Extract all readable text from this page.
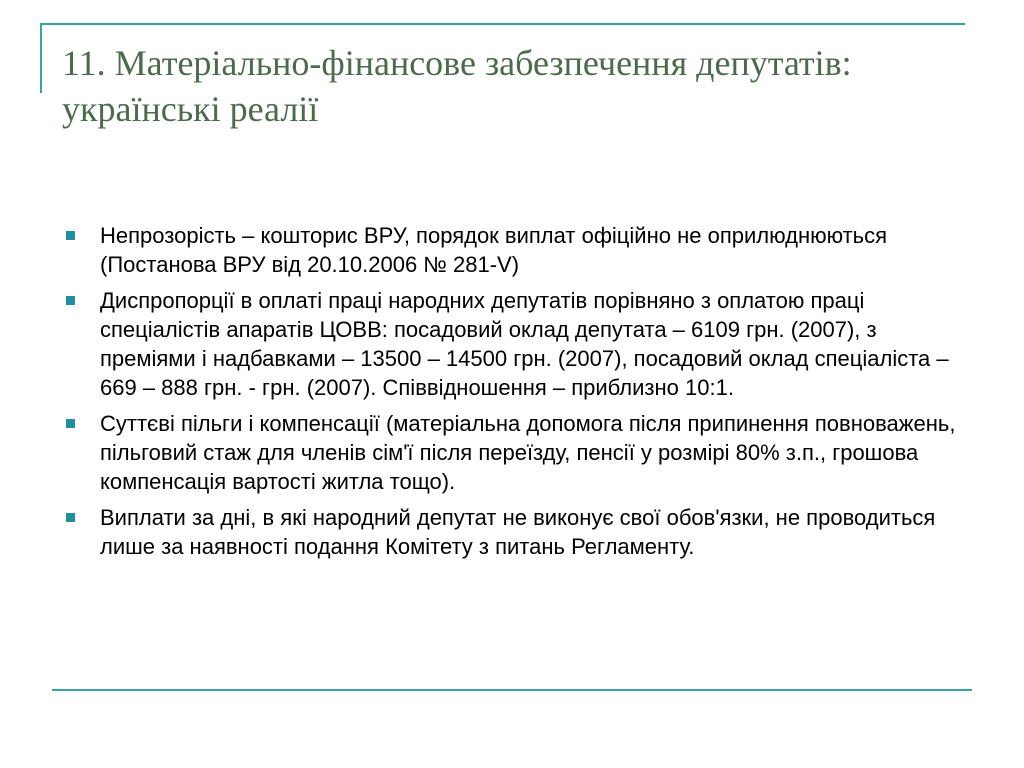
11. Матеріально-фінансове забезпечення депутатів: українські реалії
Непрозорість – кошторис ВРУ, порядок виплат офіційно не оприлюднюються (Постанова ВРУ від 20.10.2006 № 281-V)
Диспропорції в оплаті праці народних депутатів порівняно з оплатою праці спеціалістів апаратів ЦОВВ: посадовий оклад депутата – 6109 грн. (2007), з преміями і надбавками – 13500 – 14500 грн. (2007), посадовий оклад спеціаліста – 669 – 888 грн. - грн. (2007). Співвідношення – приблизно 10:1.
Суттєві пільги і компенсації (матеріальна допомога після припинення повноважень, пільговий стаж для членів сім'ї після переїзду, пенсії у розмірі 80% з.п., грошова компенсація вартості житла тощо).
Виплати за дні, в які народний депутат не виконує свої обов'язки, не проводиться лише за наявності подання Комітету з питань Регламенту.
